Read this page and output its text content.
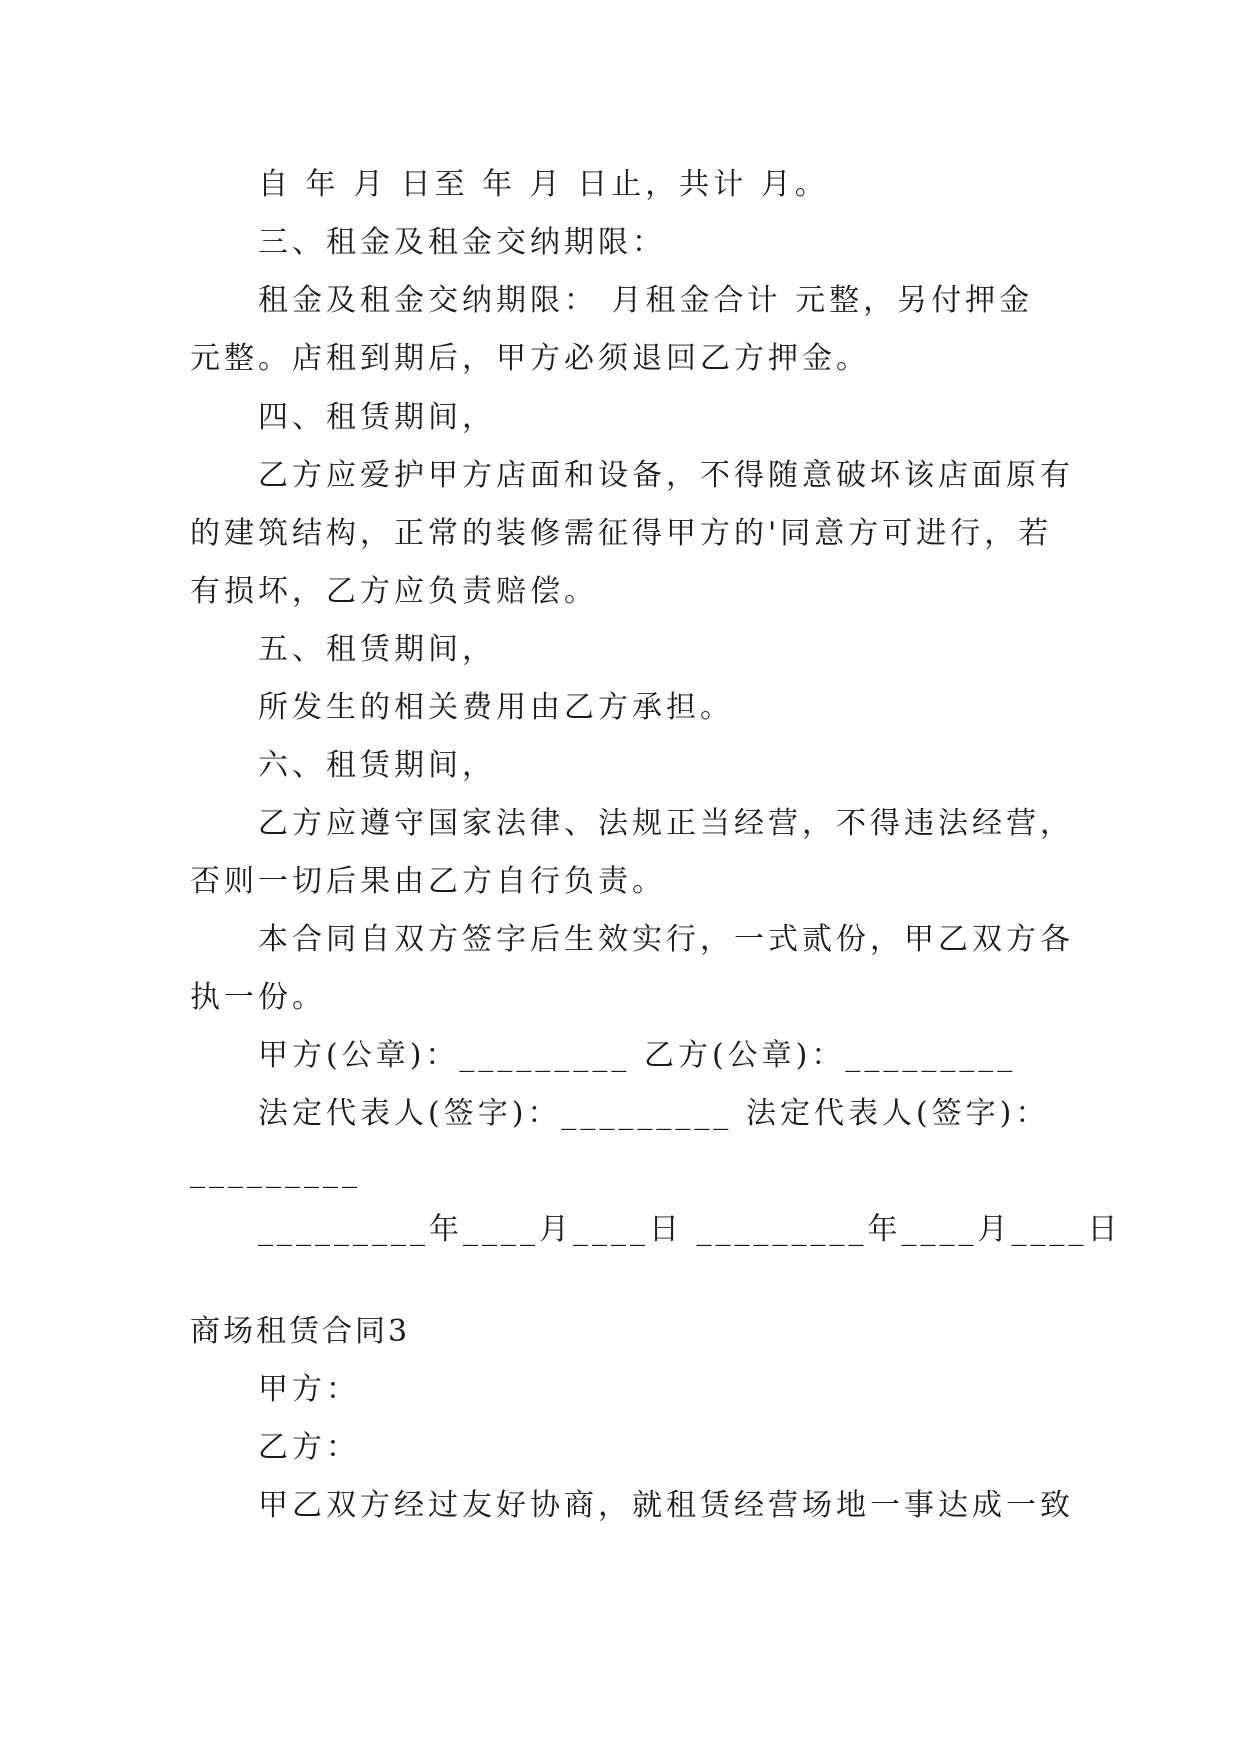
自 年 月 日至 年 月 日止，共计 月。
三、租金及租金交纳期限：
租金及租金交纳期限： 月租金合计 元整，另付押金
元整。店租到期后，甲方必须退回乙方押金。
四、租赁期间，
乙方应爱护甲方店面和设备，不得随意破坏该店面原有
的建筑结构，正常的装修需征得甲方的'同意方可进行，若
有损坏，乙方应负责赔偿。
五、租赁期间，
所发生的相关费用由乙方承担。
六、租赁期间，
乙方应遵守国家法律、法规正当经营，不得违法经营，
否则一切后果由乙方自行负责。
本合同自双方签字后生效实行，一式贰份，甲乙双方各
执一份。
甲方(公章)：_________ 乙方(公章)：_________
法定代表人(签字)：_________ 法定代表人(签字)：
_________
_________年____月____日 _________年____月____日
商场租赁合同3
甲方：
乙方：
甲乙双方经过友好协商，就租赁经营场地一事达成一致
